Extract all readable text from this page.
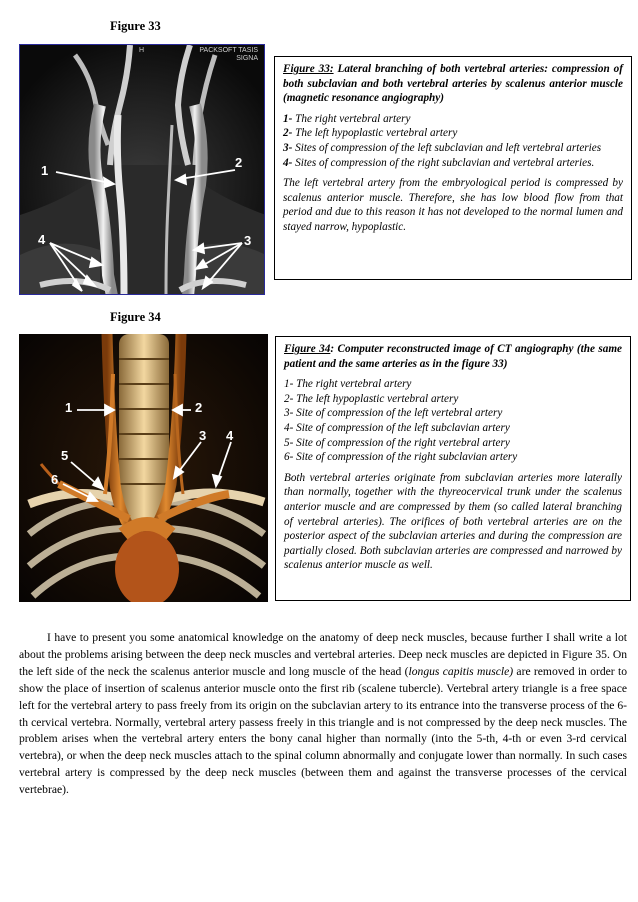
Figure 33
H	PACKSOFT TASIS
SIGNA
1
2
3
4

Figure 33: Lateral branching of both vertebral arteries: compression of both subclavian and both vertebral arteries by scalenus anterior muscle (magnetic resonance angiography)

1- The right vertebral artery

2- The left hypoplastic vertebral artery

3- Sites of compression of the left subclavian and left vertebral arteries

4- Sites of compression of the right subclavian and vertebral arteries.

The left vertebral artery from the embryological period is compressed by scalenus anterior muscle. Therefore, she has low blood flow from that period and due to this reason it has not developed to the normal lumen and stayed narrow, hypoplastic.

Figure 34
1	2
3 4
5
6

Figure 34: Computer reconstructed image of CT angiography (the same patient and the same arteries as in the figure 33)

1- The right vertebral artery

2- The left hypoplastic vertebral artery

3- Site of compression of the left vertebral artery

4- Site of compression of the left subclavian artery

5- Site of compression of the right vertebral artery

6- Site of compression of the right subclavian artery

Both vertebral arteries originate from subclavian arteries more laterally than normally, together with the thyreocervical trunk under the scalenus anterior muscle and are compressed by them (so called lateral branching of vertebral arteries). The orifices of both vertebral arteries are on the posterior aspect of the subclavian arteries and during the compression are partially closed. Both subclavian arteries are compressed and narrowed by scalenus anterior muscle as well.

I have to present you some anatomical knowledge on the anatomy of deep neck muscles, because further I shall write a lot about the problems arising between the deep neck muscles and vertebral arteries. Deep neck muscles are depicted in Figure 35. On the left side of the neck the scalenus anterior muscle and long muscle of the head (longus capitis muscle) are removed in order to show the place of insertion of scalenus anterior muscle onto the first rib (scalene tubercle). Vertebral artery triangle is a free space left for the vertebral artery to pass freely from its origin on the subclavian artery to its entrance into the transverse process of the 6-th cervical vertebra. Normally, vertebral artery passess freely in this triangle and is not compressed by the deep neck muscles. The problem arises when the vertebral artery enters the bony canal higher than normally (into the 5-th, 4-th or even 3-rd cervical vertebra), or when the deep neck muscles attach to the spinal column abnormally and conjugate lower than normally. In such cases vertebral artery is compressed by the deep neck muscles (between them and against the transverse processes of the cervical vertebrae).
